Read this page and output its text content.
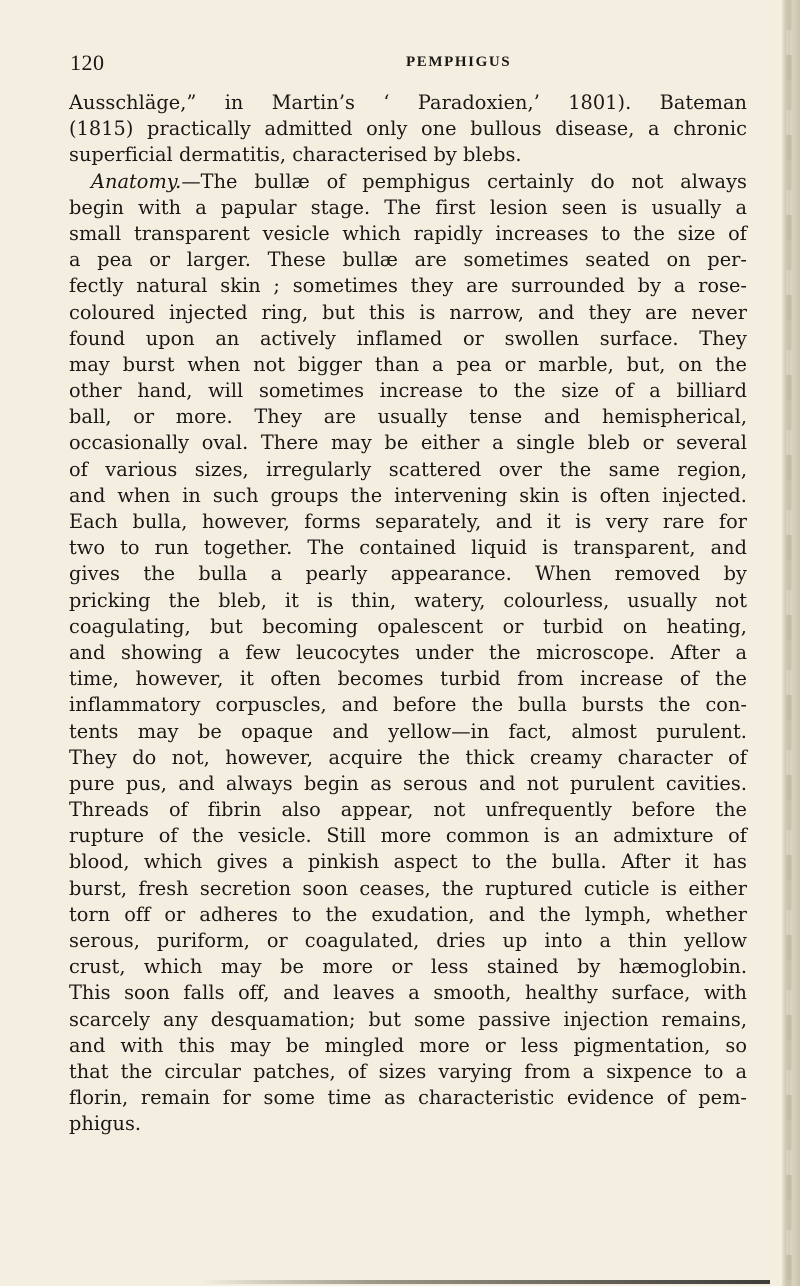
120	PEMPHIGUS
Ausschläge,” in Martin’s ‘ Paradoxien,’ 1801). Bateman
(1815) practically admitted only one bullous disease, a chronic
superficial dermatitis, characterised by blebs.
Anatomy.—The bullæ of pemphigus certainly do not always
begin with a papular stage. The first lesion seen is usually a
small transparent vesicle which rapidly increases to the size of
a pea or larger. These bullæ are sometimes seated on per-
fectly natural skin ; sometimes they are surrounded by a rose-
coloured injected ring, but this is narrow, and they are never
found upon an actively inflamed or swollen surface. They
may burst when not bigger than a pea or marble, but, on the
other hand, will sometimes increase to the size of a billiard
ball, or more. They are usually tense and hemispherical,
occasionally oval. There may be either a single bleb or several
of various sizes, irregularly scattered over the same region,
and when in such groups the intervening skin is often injected.
Each bulla, however, forms separately, and it is very rare for
two to run together. The contained liquid is transparent, and
gives the bulla a pearly appearance. When removed by
pricking the bleb, it is thin, watery, colourless, usually not
coagulating, but becoming opalescent or turbid on heating,
and showing a few leucocytes under the microscope. After a
time, however, it often becomes turbid from increase of the
inflammatory corpuscles, and before the bulla bursts the con-
tents may be opaque and yellow—in fact, almost purulent.
They do not, however, acquire the thick creamy character of
pure pus, and always begin as serous and not purulent cavities.
Threads of fibrin also appear, not unfrequently before the
rupture of the vesicle. Still more common is an admixture of
blood, which gives a pinkish aspect to the bulla. After it has
burst, fresh secretion soon ceases, the ruptured cuticle is either
torn off or adheres to the exudation, and the lymph, whether
serous, puriform, or coagulated, dries up into a thin yellow
crust, which may be more or less stained by hæmoglobin.
This soon falls off, and leaves a smooth, healthy surface, with
scarcely any desquamation; but some passive injection remains,
and with this may be mingled more or less pigmentation, so
that the circular patches, of sizes varying from a sixpence to a
florin, remain for some time as characteristic evidence of pem-
phigus.
